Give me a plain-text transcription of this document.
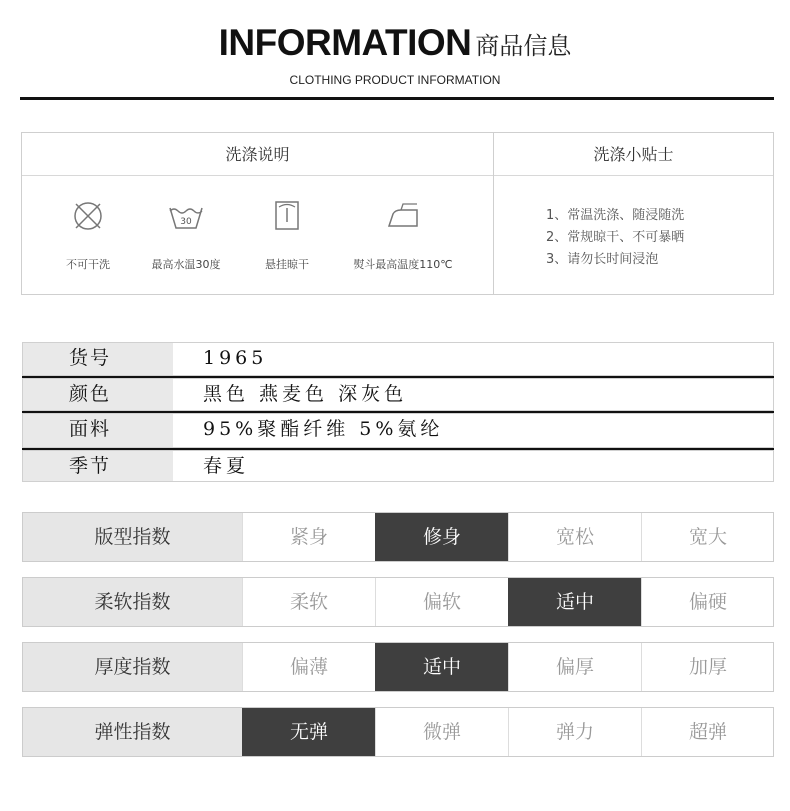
INFORMATION 商品信息
CLOTHING PRODUCT INFORMATION
洗涤说明	洗涤小贴士
不可干洗
30
最高水温30度	悬挂晾干	熨斗最高温度110℃
1、常温洗涤、随浸随洗
2、常规晾干、不可暴晒
3、请勿长时间浸泡
货号	1965
颜色	黑色 燕麦色 深灰色
面料	95%聚酯纤维 5%氨纶
季节	春夏
版型指数	紧身	修身	宽松	宽大
柔软指数	柔软	偏软	适中	偏硬
厚度指数	偏薄	适中	偏厚	加厚
弹性指数	无弹	微弹	弹力	超弹
